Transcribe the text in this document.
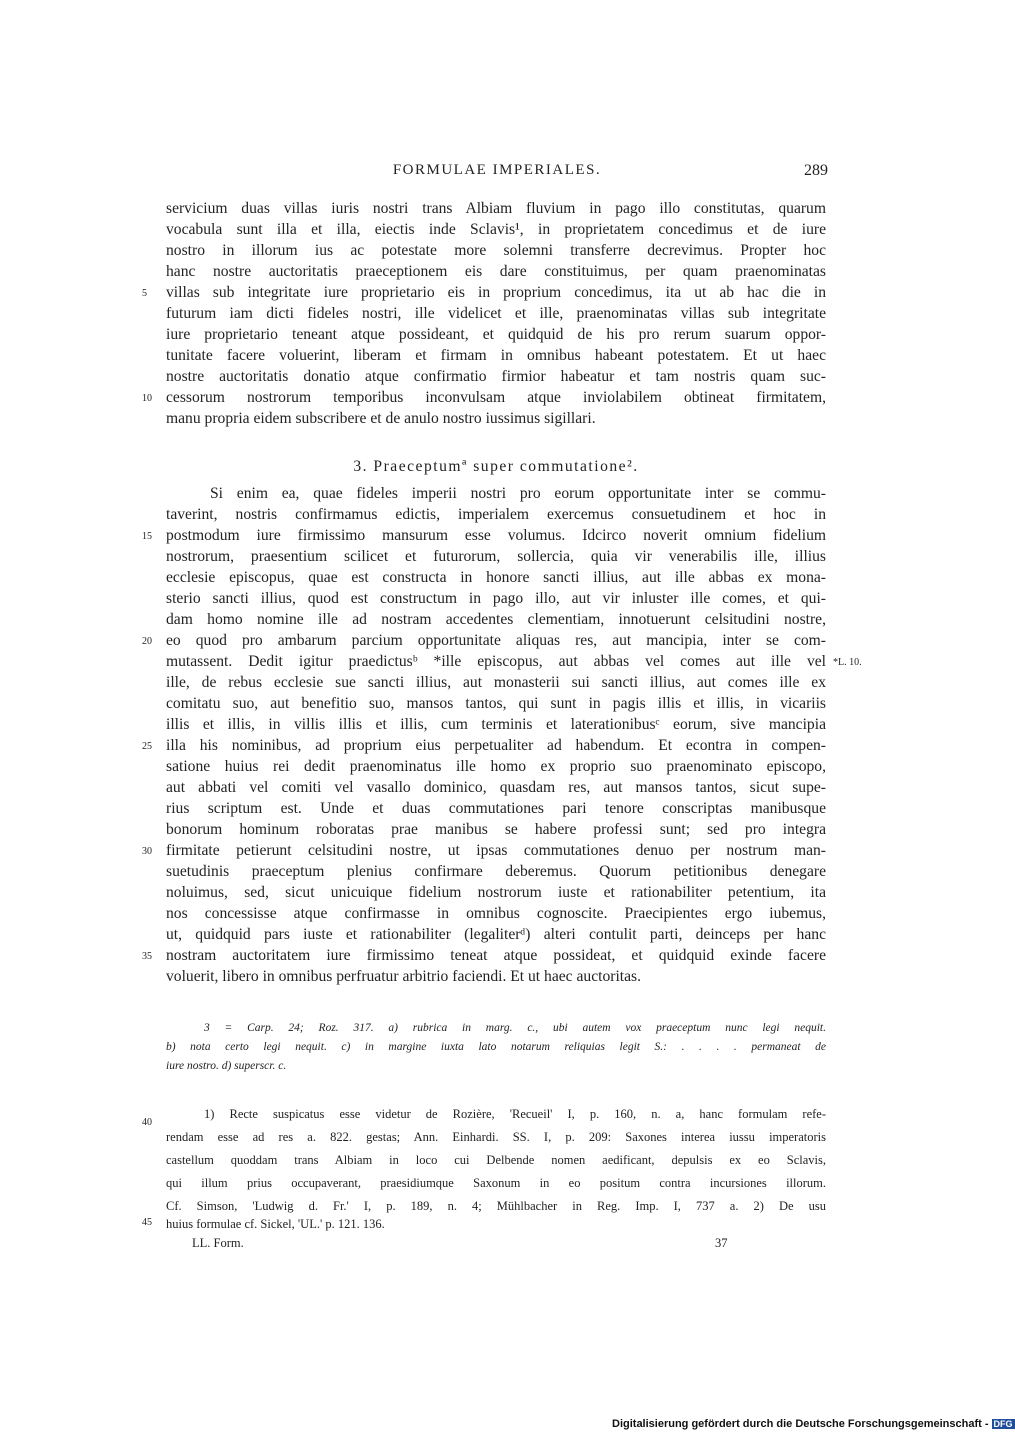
FORMULAE IMPERIALES.	289
servicium duas villas iuris nostri trans Albiam fluvium in pago illo constitutas, quarum
vocabula sunt illa et illa, eiectis inde Sclavis¹, in proprietatem concedimus et de iure
nostro in illorum ius ac potestate more solemni transferre decrevimus. Propter hoc
hanc nostre auctoritatis praeceptionem eis dare constituimus, per quam praenominatas
villas sub integritate iure proprietario eis in proprium concedimus, ita ut ab hac die in
futurum iam dicti fideles nostri, ille videlicet et ille, praenominatas villas sub integritate
iure proprietario teneant atque possideant, et quidquid de his pro rerum suarum oppor-
tunitate facere voluerint, liberam et firmam in omnibus habeant potestatem. Et ut haec
nostre auctoritatis donatio atque confirmatio firmior habeatur et tam nostris quam suc-
cessorum nostrorum temporibus inconvulsam atque inviolabilem obtineat firmitatem,
manu propria eidem subscribere et de anulo nostro iussimus sigillari.
3. Praeceptumª super commutatione².
Si enim ea, quae fideles imperii nostri pro eorum opportunitate inter se commu-
taverint, nostris confirmamus edictis, imperialem exercemus consuetudinem et hoc in
postmodum iure firmissimo mansurum esse volumus. Idcirco noverit omnium fidelium
nostrorum, praesentium scilicet et futurorum, sollercia, quia vir venerabilis ille, illius
ecclesie episcopus, quae est constructa in honore sancti illius, aut ille abbas ex mona-
sterio sancti illius, quod est constructum in pago illo, aut vir inluster ille comes, et qui-
dam homo nomine ille ad nostram accedentes clementiam, innotuerunt celsitudini nostre,
eo quod pro ambarum parcium opportunitate aliquas res, aut mancipia, inter se com-
mutassent. Dedit igitur praedictusᵇ *ille episcopus, aut abbas vel comes aut ille vel
ille, de rebus ecclesie sue sancti illius, aut monasterii sui sancti illius, aut comes ille ex
comitatu suo, aut benefitio suo, mansos tantos, qui sunt in pagis illis et illis, in vicariis
illis et illis, in villis illis et illis, cum terminis et laterationibusᶜ eorum, sive mancipia
illa his nominibus, ad proprium eius perpetualiter ad habendum. Et econtra in compen-
satione huius rei dedit praenominatus ille homo ex proprio suo praenominato episcopo,
aut abbati vel comiti vel vasallo dominico, quasdam res, aut mansos tantos, sicut supe-
rius scriptum est. Unde et duas commutationes pari tenore conscriptas manibusque
bonorum hominum roboratas prae manibus se habere professi sunt; sed pro integra
firmitate petierunt celsitudini nostre, ut ipsas commutationes denuo per nostrum man-
suetudinis praeceptum plenius confirmare deberemus. Quorum petitionibus denegare
noluimus, sed, sicut unicuique fidelium nostrorum iuste et rationabiliter petentium, ita
nos concessisse atque confirmasse in omnibus cognoscite. Praecipientes ergo iubemus,
ut, quidquid pars iuste et rationabiliter (legaliterᵈ) alteri contulit parti, deinceps per hanc
nostram auctoritatem iure firmissimo teneat atque possideat, et quidquid exinde facere
voluerit, libero in omnibus perfruatur arbitrio faciendi. Et ut haec auctoritas.
5
10
15
20
25
30
35
40
45
*L. 10.
3 = Carp. 24; Roz. 317. a) rubrica in marg. c., ubi autem vox praeceptum nunc legi nequit.
b) nota certo legi nequit. c) in margine iuxta lato notarum reliquias legit S.: . . . . permaneat de
iure nostro. d) superscr. c.
1) Recte suspicatus esse videtur de Rozière, 'Recueil' I, p. 160, n. a, hanc formulam refe-
rendam esse ad res a. 822. gestas; Ann. Einhardi. SS. I, p. 209: Saxones interea iussu imperatoris
castellum quoddam trans Albiam in loco cui Delbende nomen aedificant, depulsis ex eo Sclavis,
qui illum prius occupaverant, praesidiumque Saxonum in eo positum contra incursiones illorum.
Cf. Simson, 'Ludwig d. Fr.' I, p. 189, n. 4; Mühlbacher in Reg. Imp. I, 737 a. 2) De usu
huius formulae cf. Sickel, 'UL.' p. 121. 136.
LL. Form.	37
Digitalisierung gefördert durch die Deutsche Forschungsgemeinschaft - DFG
